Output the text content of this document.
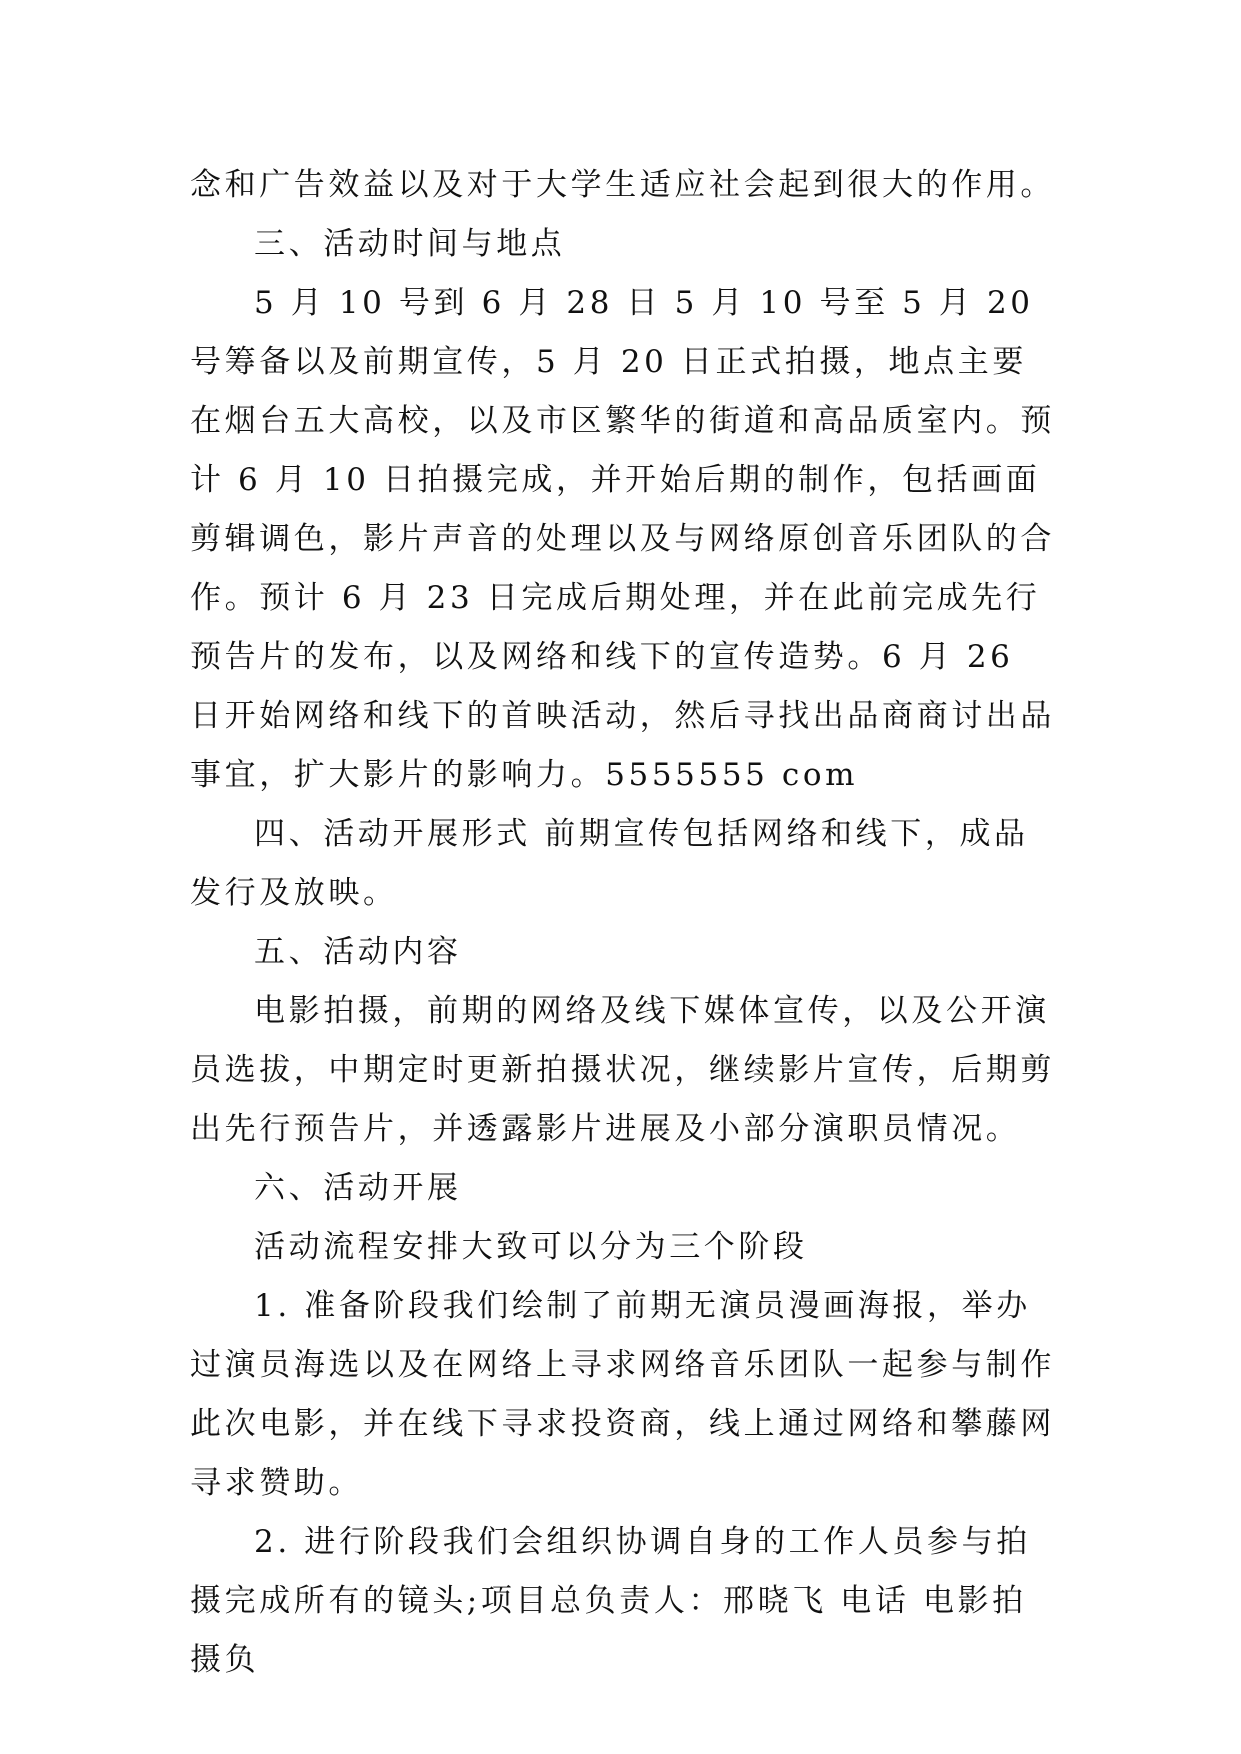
念和广告效益以及对于大学生适应社会起到很大的作用。

三、活动时间与地点

5 月 10 号到 6 月 28 日 5 月 10 号至 5 月 20 号筹备以及前期宣传，5 月 20 日正式拍摄，地点主要在烟台五大高校，以及市区繁华的街道和高品质室内。预计 6 月 10 日拍摄完成，并开始后期的制作，包括画面剪辑调色，影片声音的处理以及与网络原创音乐团队的合作。预计 6 月 23 日完成后期处理，并在此前完成先行预告片的发布，以及网络和线下的宣传造势。6 月 26 日开始网络和线下的首映活动，然后寻找出品商商讨出品事宜，扩大影片的影响力。5555555 com

四、活动开展形式 前期宣传包括网络和线下，成品发行及放映。

五、活动内容

电影拍摄，前期的网络及线下媒体宣传，以及公开演员选拔，中期定时更新拍摄状况，继续影片宣传，后期剪出先行预告片，并透露影片进展及小部分演职员情况。

六、活动开展

活动流程安排大致可以分为三个阶段

1. 准备阶段我们绘制了前期无演员漫画海报，举办过演员海选以及在网络上寻求网络音乐团队一起参与制作此次电影，并在线下寻求投资商，线上通过网络和攀藤网寻求赞助。

2. 进行阶段我们会组织协调自身的工作人员参与拍摄完成所有的镜头;项目总负责人：邢晓飞 电话 电影拍摄负
